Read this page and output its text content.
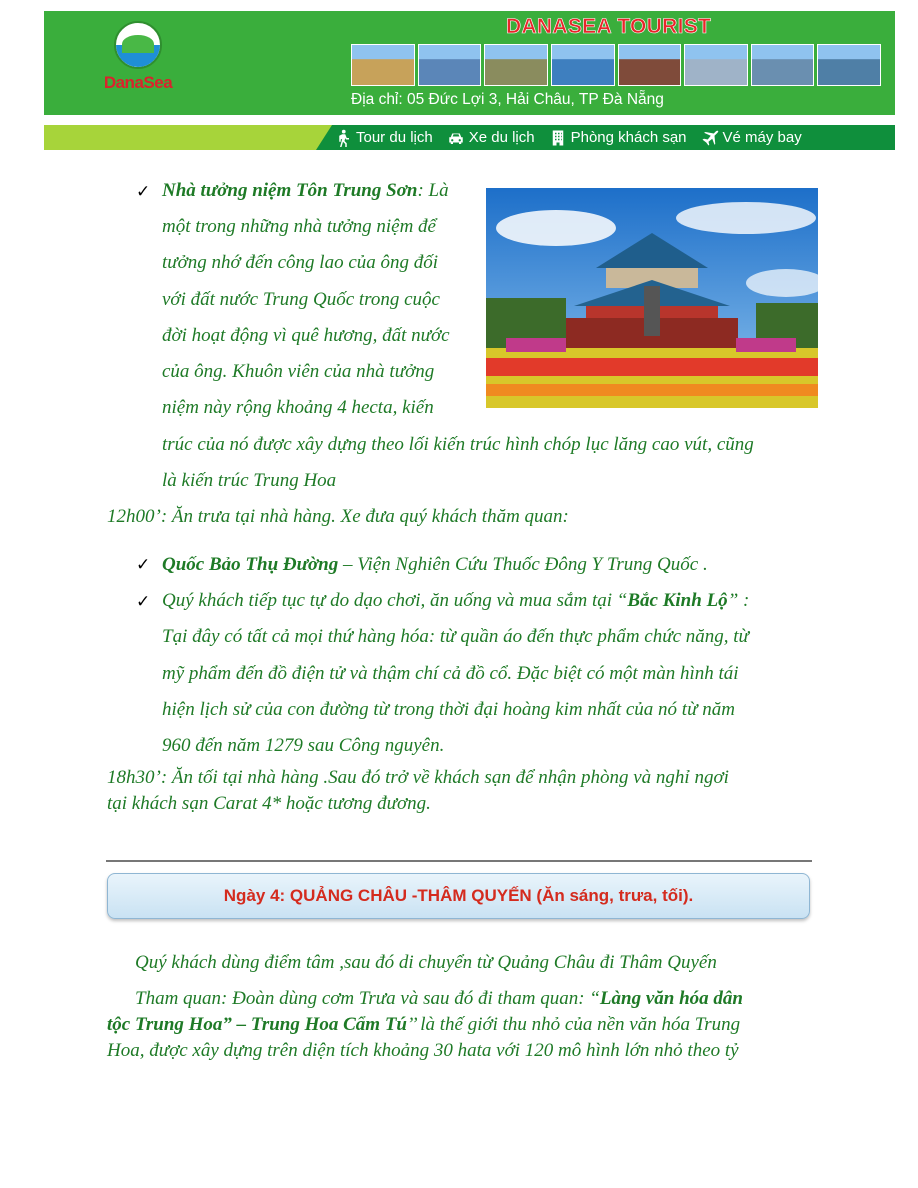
DanaSea
DANASEA TOURIST
Địa chỉ: 05 Đức Lợi 3, Hải Châu, TP Đà Nẵng
Tour du lịch Xe du lịch Phòng khách sạn Vé máy bay
✓ Nhà tưởng niệm Tôn Trung Sơn: Là
một trong những nhà tưởng niệm để
tưởng nhớ đến công lao của ông đối
với đất nước Trung Quốc trong cuộc
đời hoạt động vì quê hương, đất nước
của ông. Khuôn viên của nhà tưởng
niệm này rộng khoảng 4 hecta, kiến
trúc của nó được xây dựng theo lối kiến trúc hình chóp lục lăng cao vút, cũng
là kiến trúc Trung Hoa
12h00’: Ăn trưa tại nhà hàng. Xe đưa quý khách thăm quan:
✓ Quốc Bảo Thụ Đường – Viện Nghiên Cứu Thuốc Đông Y Trung Quốc .
✓ Quý khách tiếp tục tự do dạo chơi, ăn uống và mua sắm tại “Bắc Kinh Lộ” :
Tại đây có tất cả mọi thứ hàng hóa: từ quần áo đến thực phẩm chức năng, từ
mỹ phẩm đến đồ điện tử và thậm chí cả đồ cổ. Đặc biệt có một màn hình tái
hiện lịch sử của con đường từ trong thời đại hoàng kim nhất của nó từ năm
960 đến năm 1279 sau Công nguyên.
18h30’: Ăn tối tại nhà hàng .Sau đó trở về khách sạn để nhận phòng và nghỉ ngơi
tại khách sạn Carat 4* hoặc tương đương.
Ngày 4: QUẢNG CHÂU -THÂM QUYẾN (Ăn sáng, trưa, tối).
Quý khách dùng điểm tâm ,sau đó di chuyển từ Quảng Châu đi Thâm Quyến
Tham quan: Đoàn dùng cơm Trưa và sau đó đi tham quan: “Làng văn hóa dân
tộc Trung Hoa” – Trung Hoa Cẩm Tú’’ là thế giới thu nhỏ của nền văn hóa Trung
Hoa, được xây dựng trên diện tích khoảng 30 hata với 120 mô hình lớn nhỏ theo tỷ
